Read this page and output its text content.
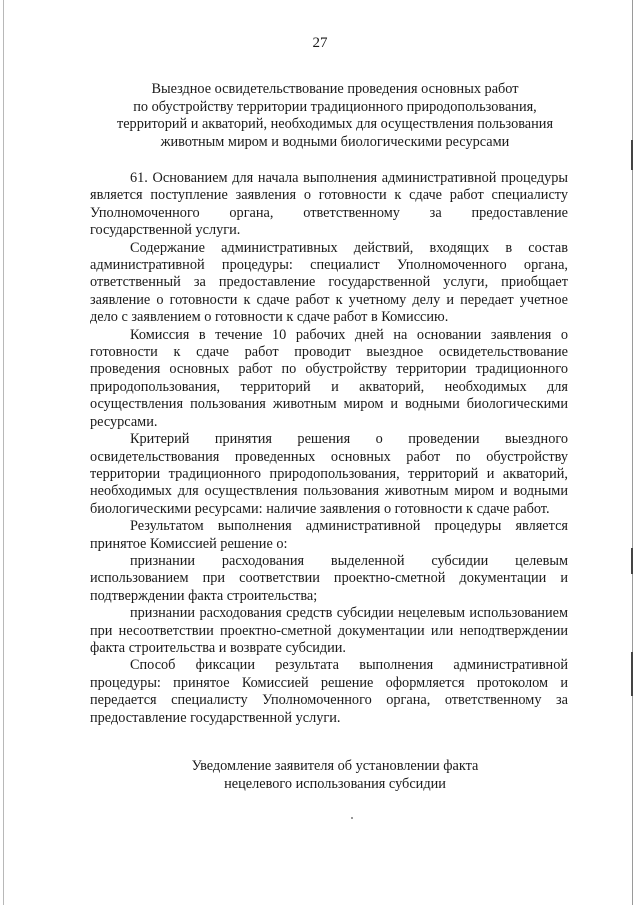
27
Выездное освидетельствование проведения основных работ
по обустройству территории традиционного природопользования,
территорий и акваторий, необходимых для осуществления пользования
животным миром и водными биологическими ресурсами

61. Основанием для начала выполнения административной процедуры является поступление заявления о готовности к сдаче работ специалисту Уполномоченного органа, ответственному за предоставление государственной услуги.

Содержание административных действий, входящих в состав административной процедуры: специалист Уполномоченного органа, ответственный за предоставление государственной услуги, приобщает заявление о готовности к сдаче работ к учетному делу и передает учетное дело с заявлением о готовности к сдаче работ в Комиссию.

Комиссия в течение 10 рабочих дней на основании заявления о готовности к сдаче работ проводит выездное освидетельствование проведения основных работ по обустройству территории традиционного природопользования, территорий и акваторий, необходимых для осуществления пользования животным миром и водными биологическими ресурсами.

Критерий принятия решения о проведении выездного освидетельствования проведенных основных работ по обустройству территории традиционного природопользования, территорий и акваторий, необходимых для осуществления пользования животным миром и водными биологическими ресурсами: наличие заявления о готовности к сдаче работ.

Результатом выполнения административной процедуры является принятое Комиссией решение о:

признании расходования выделенной субсидии целевым использованием при соответствии проектно-сметной документации и подтверждении факта строительства;

признании расходования средств субсидии нецелевым использованием при несоответствии проектно-сметной документации или неподтверждении факта строительства и возврате субсидии.

Способ фиксации результата выполнения административной процедуры: принятое Комиссией решение оформляется протоколом и передается специалисту Уполномоченного органа, ответственному за предоставление государственной услуги.

Уведомление заявителя об установлении факта
нецелевого использования субсидии
